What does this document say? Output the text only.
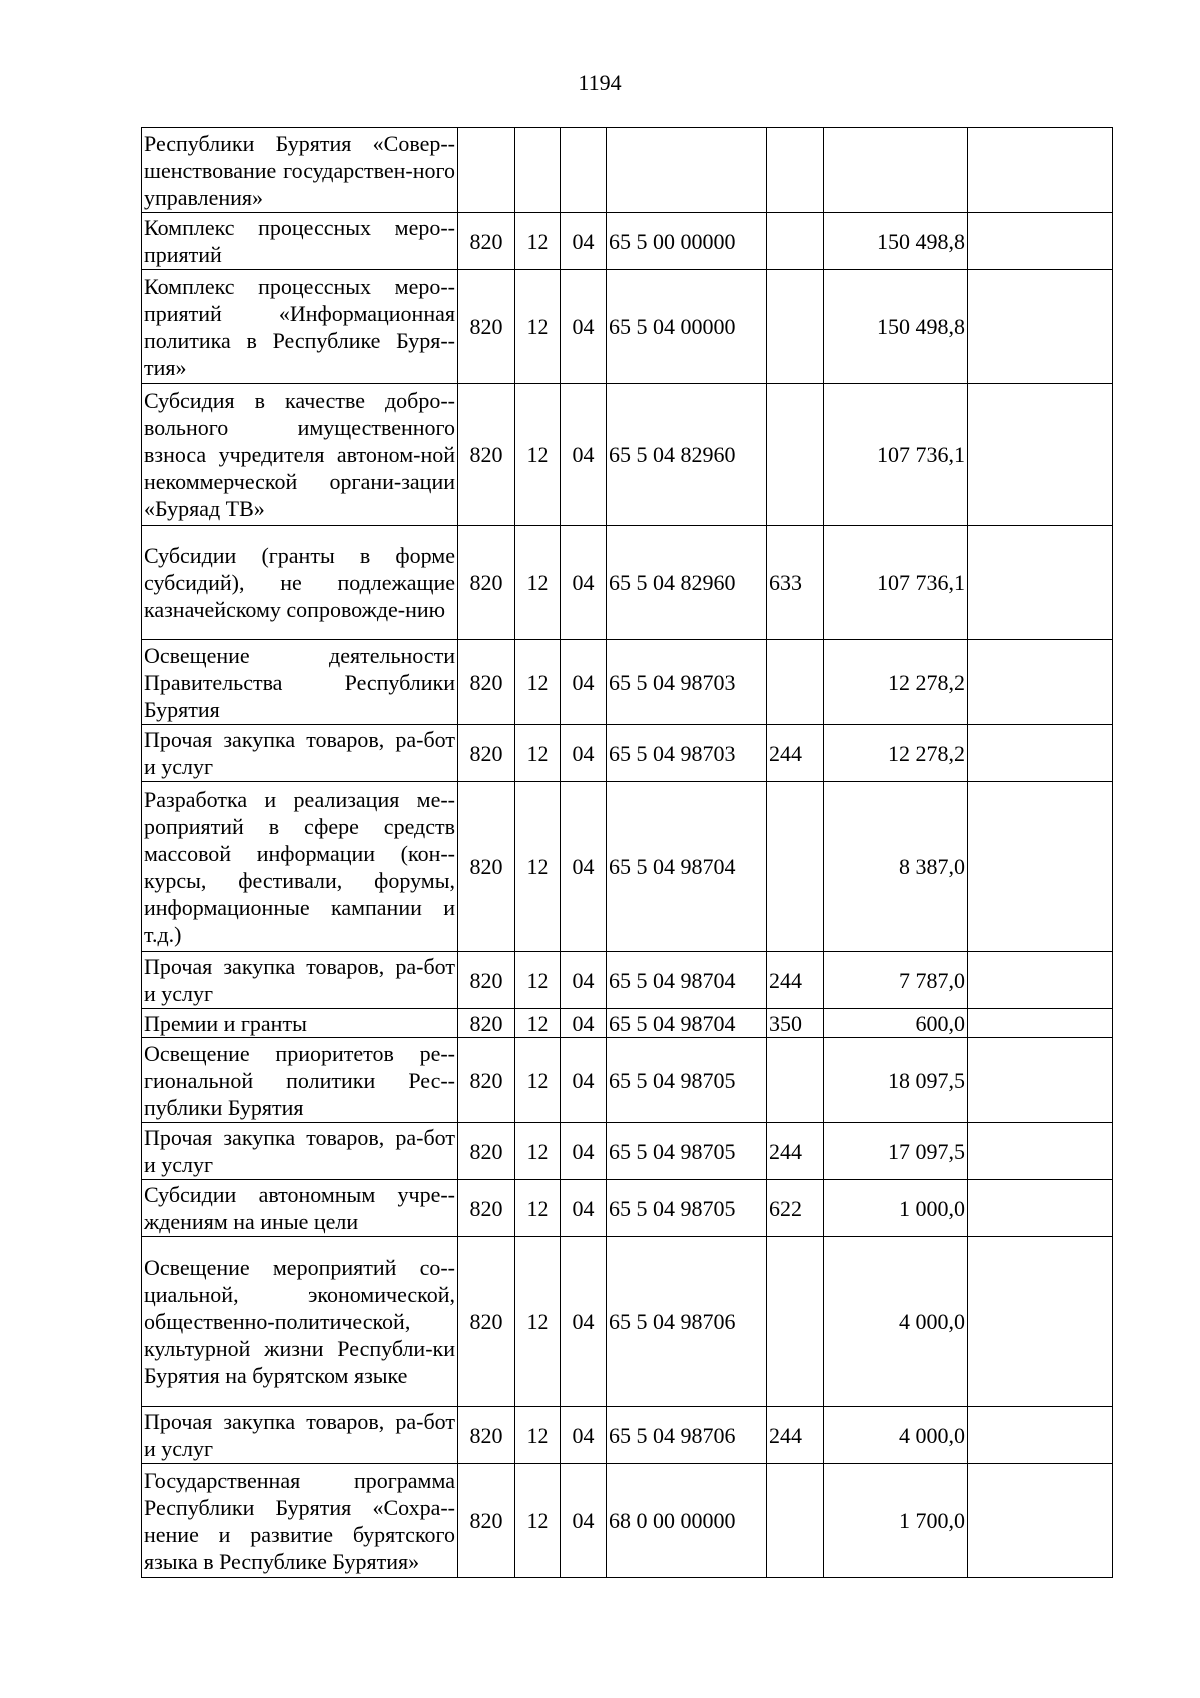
1194
Республики Бурятия «Совер-шенствование государствен-ного управления»							
Комплекс процессных меро-приятий	820	12	04	65 5 00 00000		150 498,8	
Комплекс процессных меро-приятий «Информационная политика в Республике Буря-тия»	820	12	04	65 5 04 00000		150 498,8	
Субсидия в качестве добро-вольного имущественного взноса учредителя автоном-ной некоммерческой органи-зации «Буряад ТВ»	820	12	04	65 5 04 82960		107 736,1	
Субсидии (гранты в форме субсидий), не подлежащие казначейскому сопровожде-нию	820	12	04	65 5 04 82960	633	107 736,1	
Освещение деятельности Правительства Республики Бурятия	820	12	04	65 5 04 98703		12 278,2	
Прочая закупка товаров, ра-бот и услуг	820	12	04	65 5 04 98703	244	12 278,2	
Разработка и реализация ме-роприятий в сфере средств массовой информации (кон-курсы, фестивали, форумы, информационные кампании и т.д.)	820	12	04	65 5 04 98704		8 387,0	
Прочая закупка товаров, ра-бот и услуг	820	12	04	65 5 04 98704	244	7 787,0	
Премии и гранты	820	12	04	65 5 04 98704	350	600,0	
Освещение приоритетов ре-гиональной политики Рес-публики Бурятия	820	12	04	65 5 04 98705		18 097,5	
Прочая закупка товаров, ра-бот и услуг	820	12	04	65 5 04 98705	244	17 097,5	
Субсидии автономным учре-ждениям на иные цели	820	12	04	65 5 04 98705	622	1 000,0	
Освещение мероприятий со-циальной, экономической, общественно-политической, культурной жизни Республи-ки Бурятия на бурятском языке	820	12	04	65 5 04 98706		4 000,0	
Прочая закупка товаров, ра-бот и услуг	820	12	04	65 5 04 98706	244	4 000,0	
Государственная программа Республики Бурятия «Сохра-нение и развитие бурятского языка в Республике Бурятия»	820	12	04	68 0 00 00000		1 700,0	
